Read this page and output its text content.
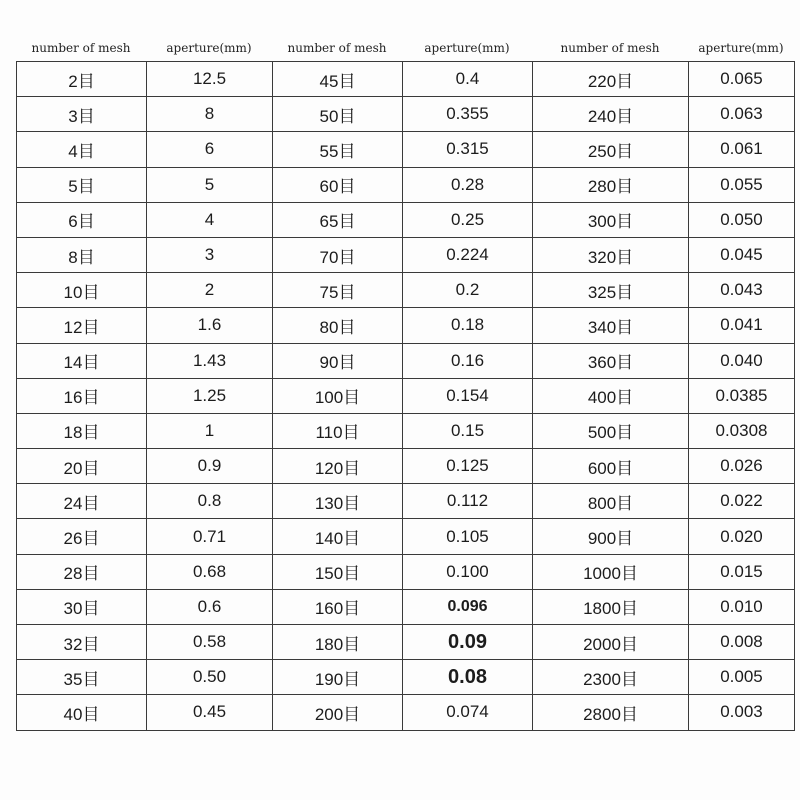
number of mesh	aperture(mm)	number of mesh	aperture(mm)	number of mesh	aperture(mm)
2目	12.5	45目	0.4	220目	0.065
3目	8	50目	0.355	240目	0.063
4目	6	55目	0.315	250目	0.061
5目	5	60目	0.28	280目	0.055
6目	4	65目	0.25	300目	0.050
8目	3	70目	0.224	320目	0.045
10目	2	75目	0.2	325目	0.043
12目	1.6	80目	0.18	340目	0.041
14目	1.43	90目	0.16	360目	0.040
16目	1.25	100目	0.154	400目	0.0385
18目	1	110目	0.15	500目	0.0308
20目	0.9	120目	0.125	600目	0.026
24目	0.8	130目	0.112	800目	0.022
26目	0.71	140目	0.105	900目	0.020
28目	0.68	150目	0.100	1000目	0.015
30目	0.6	160目	0.096	1800目	0.010
32目	0.58	180目	0.09	2000目	0.008
35目	0.50	190目	0.08	2300目	0.005
40目	0.45	200目	0.074	2800目	0.003
